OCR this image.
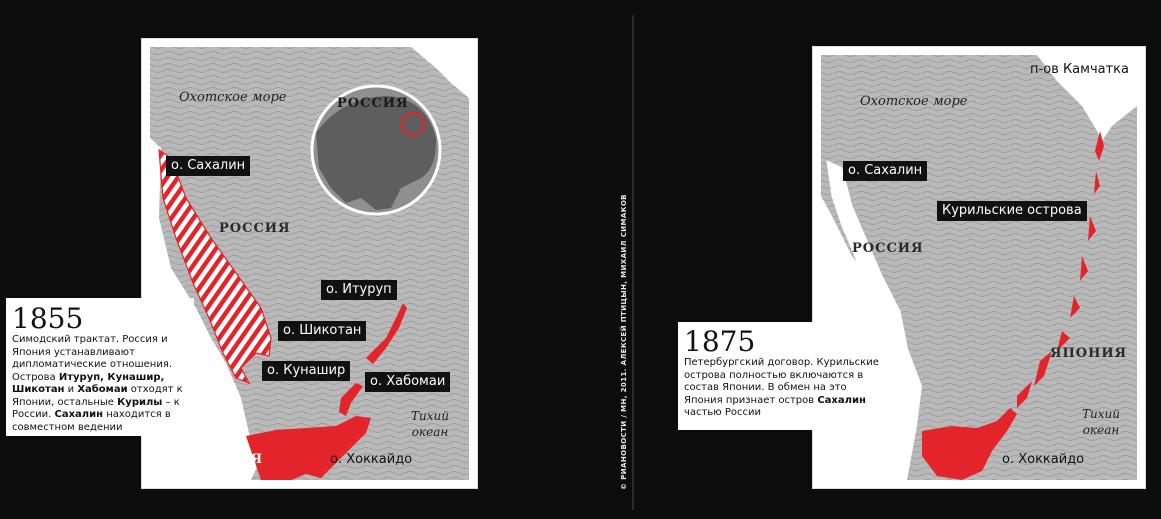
Охотское море	РОССИЯ
РОССИЯ
ЯПОНИЯ
Тихий
океан
о. Сахалин
о. Итуруп
о. Шикотан
о. Кунашир
о. Хабомаи
о. Хоккайдо
1855
Симодский трактат. Россия и Япония устанавливают дипломатические отношения. Острова Итуруп, Кунашир, Шикотан и Хабомаи отходят к Японии, остальные Курилы – к России. Сахалин находится в совместном ведении	© РИАНОВОСТИ / МН, 2011. АЛЕКСЕЙ ПТИЦЫН, МИХАИЛ СИМАКОВ
п-ов Камчатка
Охотское море
о. Сахалин
Курильские острова
РОССИЯ
ЯПОНИЯ
Тихий
океан
о. Хоккайдо
1875
Петербургский договор. Курильские острова полностью включаются в состав Японии. В обмен на это Япония признает остров Сахалин частью России
